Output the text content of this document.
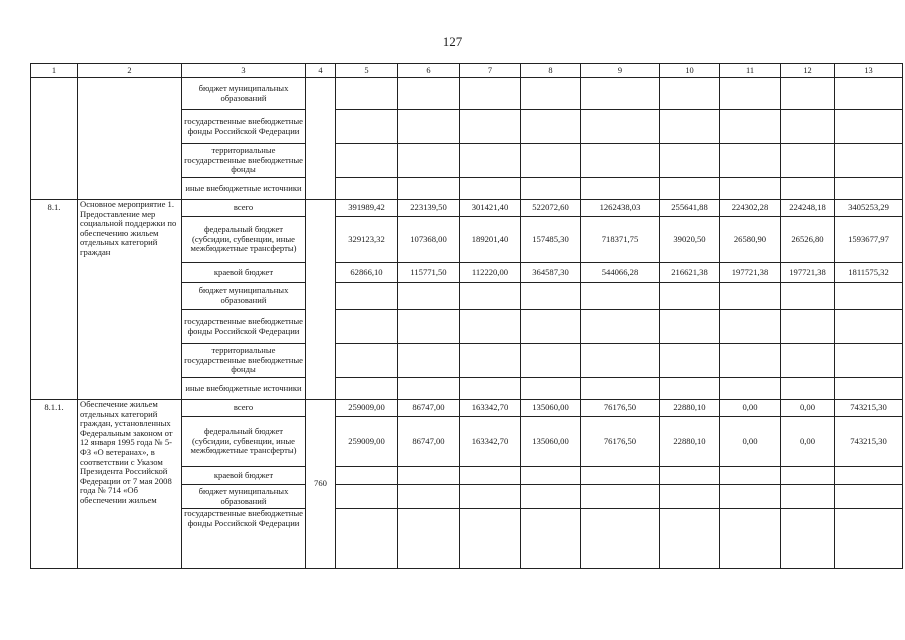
127
1	2	3	4	5	6	7	8	9	10	11	12	13
		бюджет муниципальных образований										
		государственные внебюджетные фонды Российской Федерации										
		территориальные государственные внебюджетные фонды										
		иные внебюджетные источники										
8.1.	Основное мероприятие 1. Предоставление мер социальной поддержки по обеспечению жильем отдельных категорий граждан	всего		391989,42	223139,50	301421,40	522072,60	1262438,03	255641,88	224302,28	224248,18	3405253,29
		федеральный бюджет (субсидии, субвенции, иные межбюджетные трансферты)		329123,32	107368,00	189201,40	157485,30	718371,75	39020,50	26580,90	26526,80	1593677,97
		краевой бюджет		62866,10	115771,50	112220,00	364587,30	544066,28	216621,38	197721,38	197721,38	1811575,32
		бюджет муниципальных образований										
		государственные внебюджетные фонды Российской Федерации										
		территориальные государственные внебюджетные фонды										
		иные внебюджетные источники										
8.1.1.	Обеспечение жильем отдельных категорий граждан, установленных Федеральным законом от 12 января 1995 года № 5-ФЗ «О ветеранах», в соответствии с Указом Президента Российской Федерации от 7 мая 2008 года № 714 «Об обеспечении жильем	всего	760	259009,00	86747,00	163342,70	135060,00	76176,50	22880,10	0,00	0,00	743215,30
		федеральный бюджет (субсидии, субвенции, иные межбюджетные трансферты)		259009,00	86747,00	163342,70	135060,00	76176,50	22880,10	0,00	0,00	743215,30
		краевой бюджет										
		бюджет муниципальных образований										
		государственные внебюджетные фонды Российской Федерации										
